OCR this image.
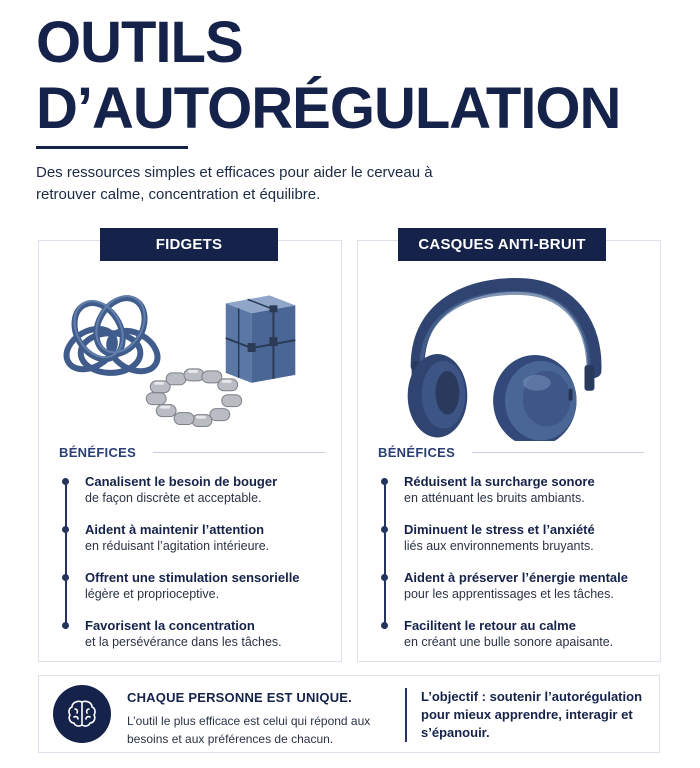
OUTILS
D’AUTORÉGULATION
Des ressources simples et efficaces pour aider le cerveau à retrouver calme, concentration et équilibre.
FIDGETS
BÉNÉFICES
Canalisent le besoin de bouger
de façon discrète et acceptable.
Aident à maintenir l’attention
en réduisant l’agitation intérieure.
Offrent une stimulation sensorielle
légère et proprioceptive.
Favorisent la concentration
et la persévérance dans les tâches.
CASQUES ANTI-BRUIT
BÉNÉFICES
Réduisent la surcharge sonore
en atténuant les bruits ambiants.
Diminuent le stress et l’anxiété
liés aux environnements bruyants.
Aident à préserver l’énergie mentale
pour les apprentissages et les tâches.
Facilitent le retour au calme
en créant une bulle sonore apaisante.
CHAQUE PERSONNE EST UNIQUE.
L’outil le plus efficace est celui qui répond aux besoins et aux préférences de chacun.
L’objectif : soutenir l’autorégulation pour mieux apprendre, interagir et s’épanouir.
